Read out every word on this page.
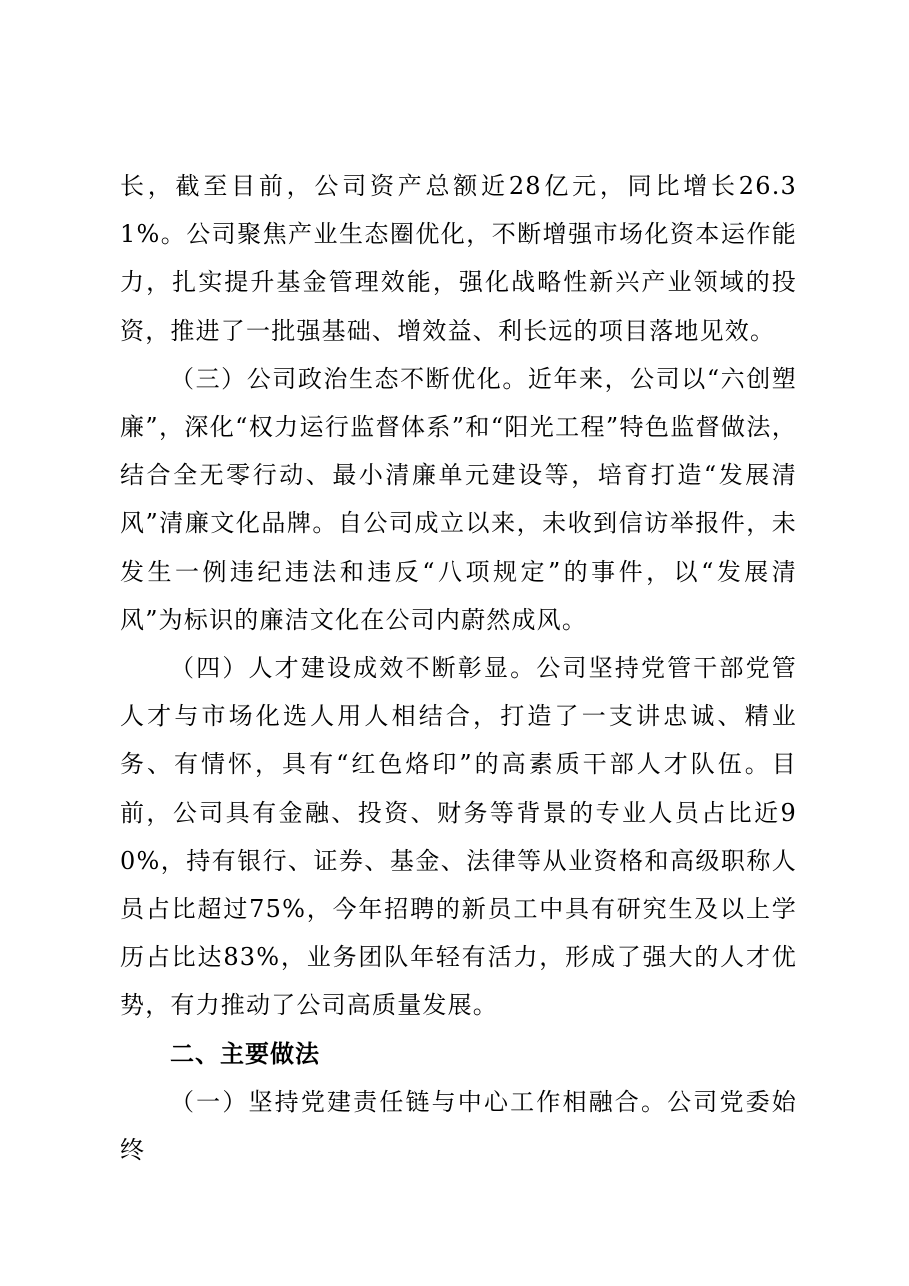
长，截至目前，公司资产总额近28亿元，同比增长26.31%。公司聚焦产业生态圈优化，不断增强市场化资本运作能力，扎实提升基金管理效能，强化战略性新兴产业领域的投资，推进了一批强基础、增效益、利长远的项目落地见效。

（三）公司政治生态不断优化。近年来，公司以“六创塑廉”，深化“权力运行监督体系”和“阳光工程”特色监督做法，结合全无零行动、最小清廉单元建设等，培育打造“发展清风”清廉文化品牌。自公司成立以来，未收到信访举报件，未发生一例违纪违法和违反“八项规定”的事件，以“发展清风”为标识的廉洁文化在公司内蔚然成风。

（四）人才建设成效不断彰显。公司坚持党管干部党管人才与市场化选人用人相结合，打造了一支讲忠诚、精业务、有情怀，具有“红色烙印”的高素质干部人才队伍。目前，公司具有金融、投资、财务等背景的专业人员占比近90%，持有银行、证券、基金、法律等从业资格和高级职称人员占比超过75%，今年招聘的新员工中具有研究生及以上学历占比达83%，业务团队年轻有活力，形成了强大的人才优势，有力推动了公司高质量发展。

二、主要做法

（一）坚持党建责任链与中心工作相融合。公司党委始终
